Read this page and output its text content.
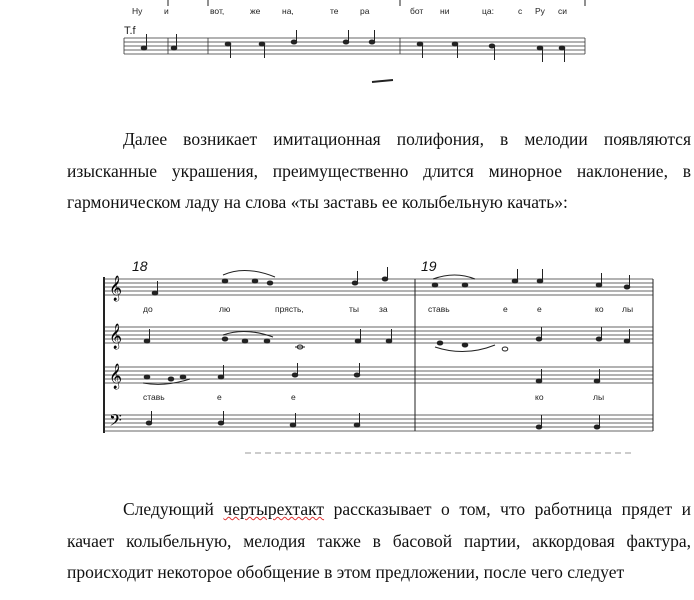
Ну	и	вот,	же	на,	те	ра	бот ни	ца:	с Ру си
T.f

Далее возникает имитационная полифония, в мелодии появляются изысканные украшения, преимущественно длится минорное наклонение, в гармоническом ладу на слова «ты заставь ее колыбельную качать»:

18	19
𝄞
до	лю	прясть,	ты за	ставь	е	е	ко лы
𝄞
𝄞
ставь	е	е	ко	лы
𝄢

Следующий чертырехтакт рассказывает о том, что работница прядет и качает колыбельную, мелодия также в басовой партии, аккордовая фактура, происходит некоторое обобщение в этом предложении, после чего следует
